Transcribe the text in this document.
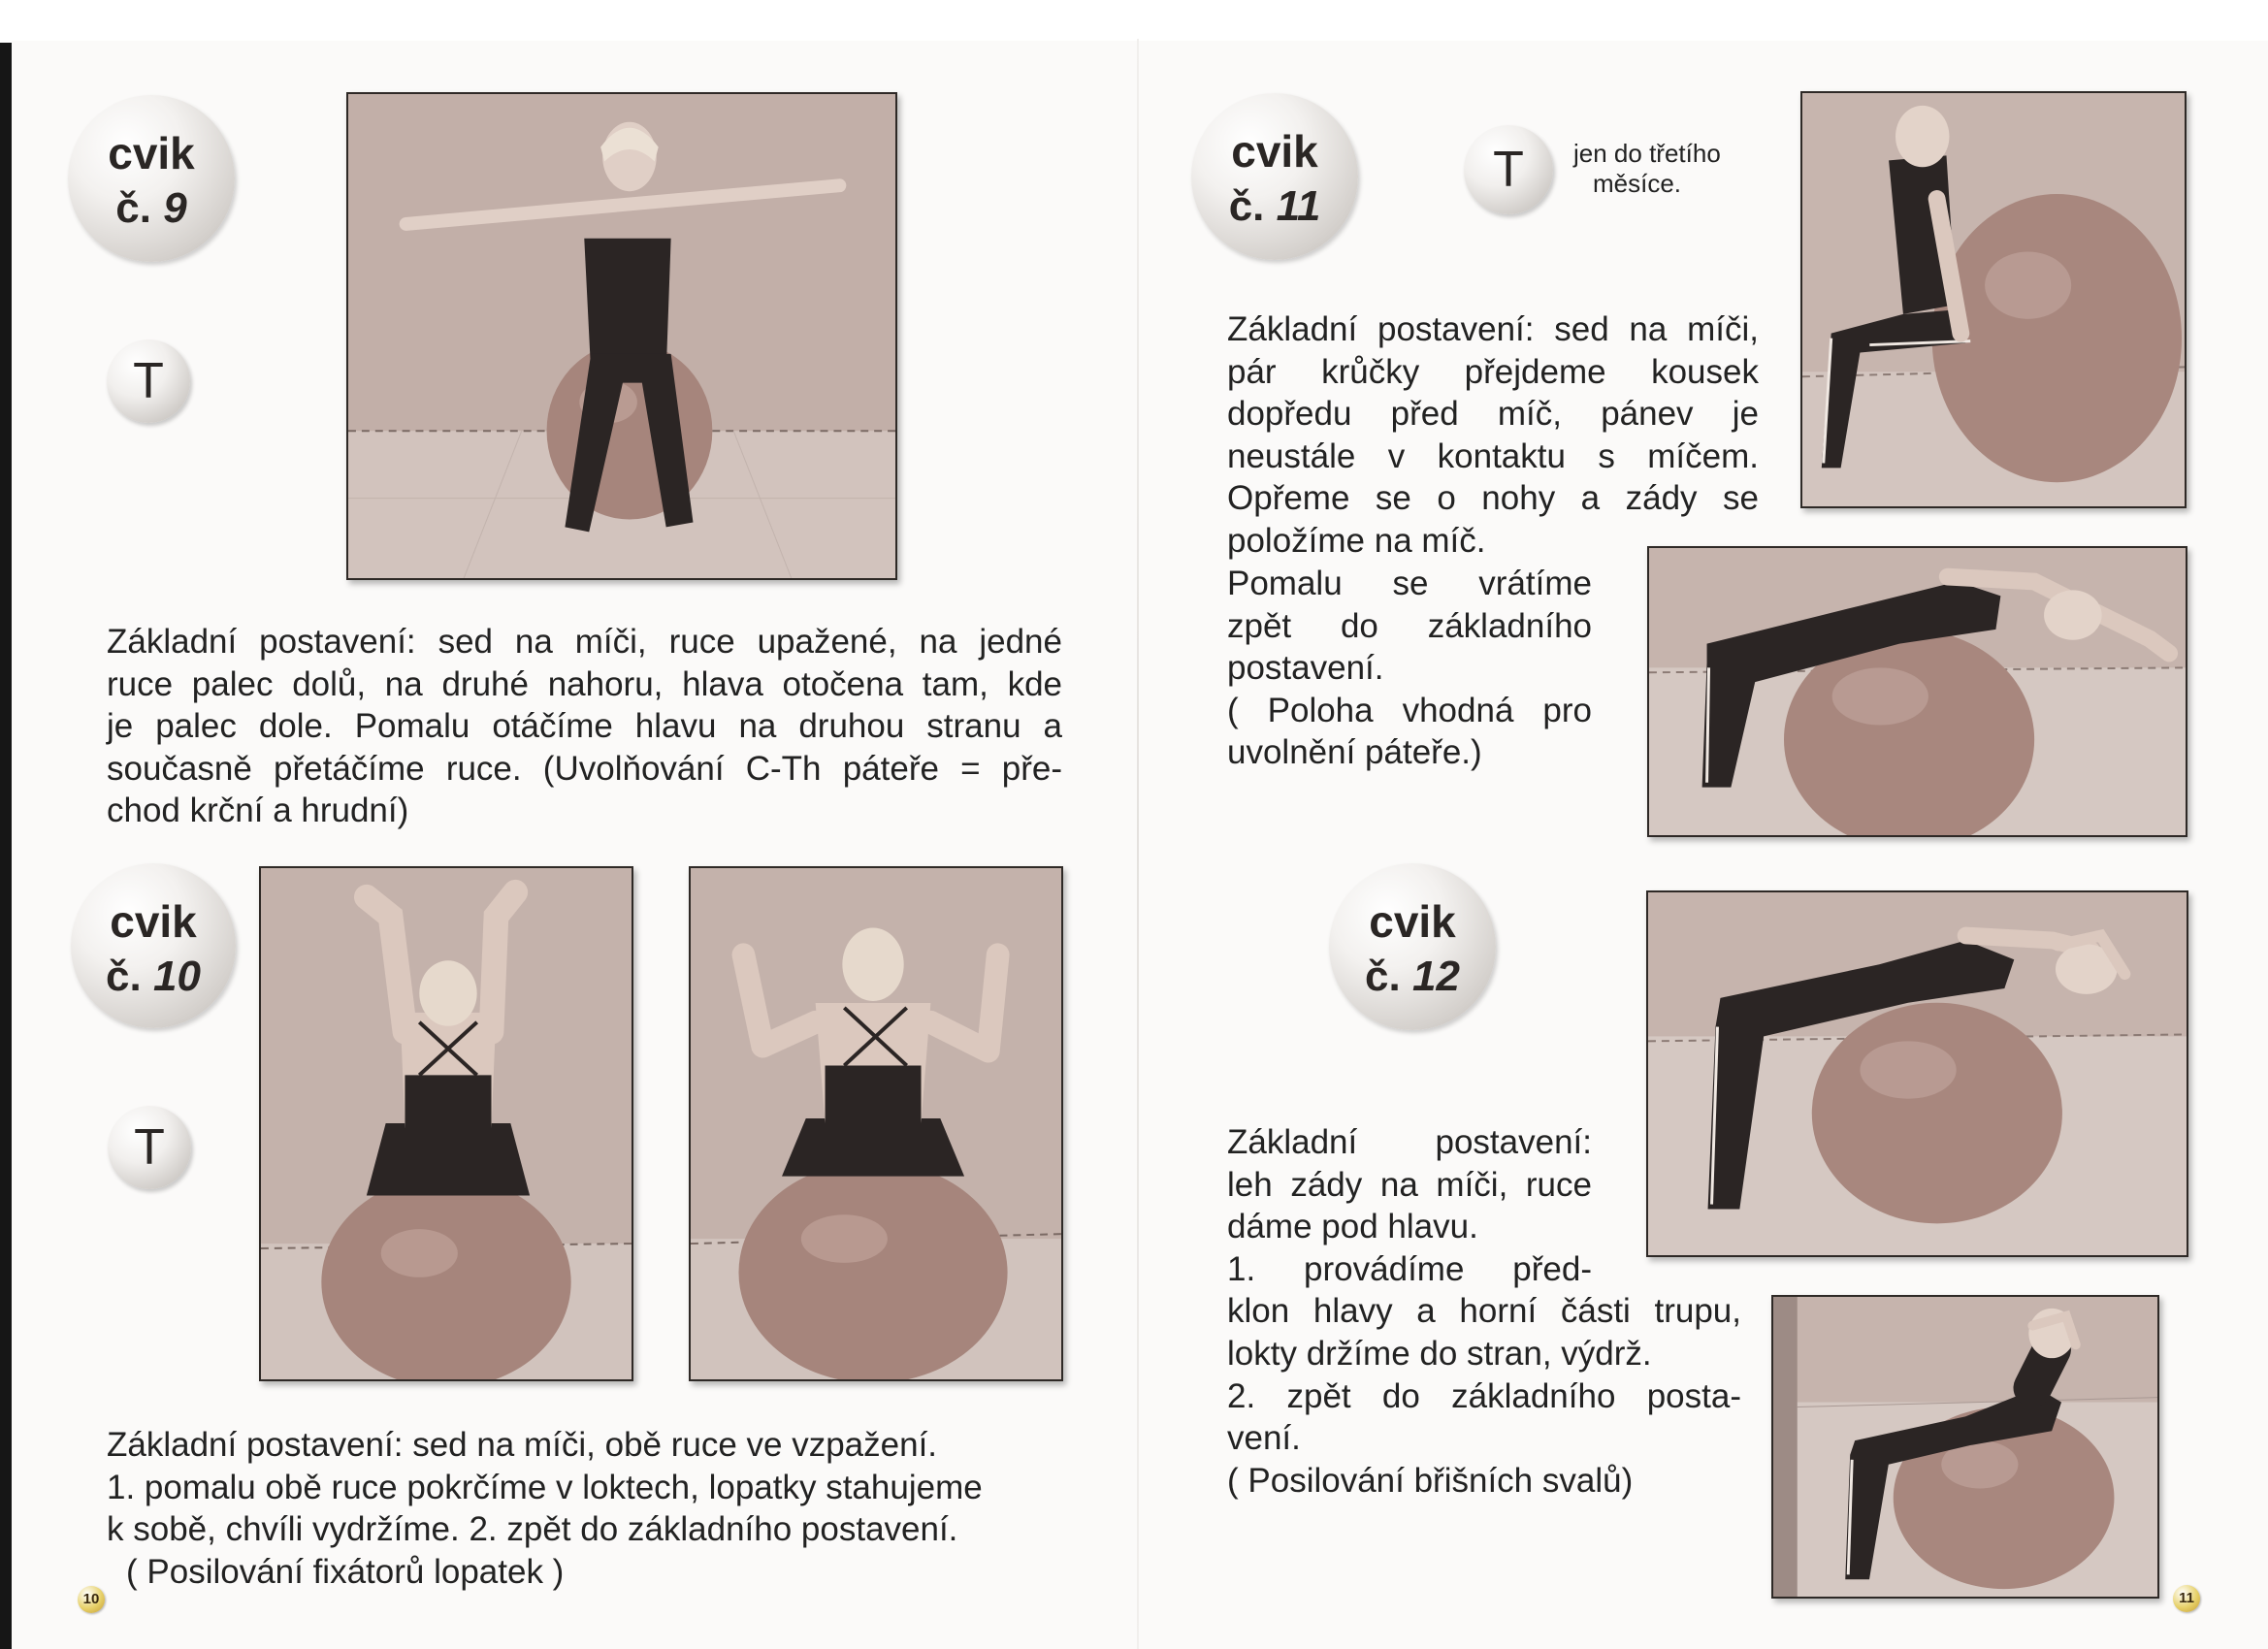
cvik
č. 9
T
Základní postavení: sed na míči, ruce upažené, na jedné
ruce palec dolů, na druhé nahoru, hlava otočena tam, kde
je palec dole. Pomalu otáčíme hlavu na druhou stranu a
současně přetáčíme ruce. (Uvolňování C-Th páteře = pře-
chod krční a hrudní)
cvik
č. 10
T
Základní postavení: sed na míči, obě ruce ve vzpažení.
1. pomalu obě ruce pokrčíme v loktech, lopatky stahujeme
k sobě, chvíli vydržíme. 2. zpět do základního postavení.
( Posilování fixátorů lopatek )
10
cvik
č. 11
T	jen do třetího
měsíce.
Základní postavení: sed na míči,
pár krůčky přejdeme kousek
dopředu před míč, pánev je
neustále v kontaktu s míčem.
Opřeme se o nohy a zády se
položíme na míč.
Pomalu se vrátíme
zpět do základního
postavení.
( Poloha vhodná pro
uvolnění páteře.)
cvik
č. 12
Základní postavení:
leh zády na míči, ruce
dáme pod hlavu.
1. provádíme před-
klon hlavy a horní části trupu,
lokty držíme do stran, výdrž.
2. zpět do základního posta-
vení.
( Posilování břišních svalů)
11
